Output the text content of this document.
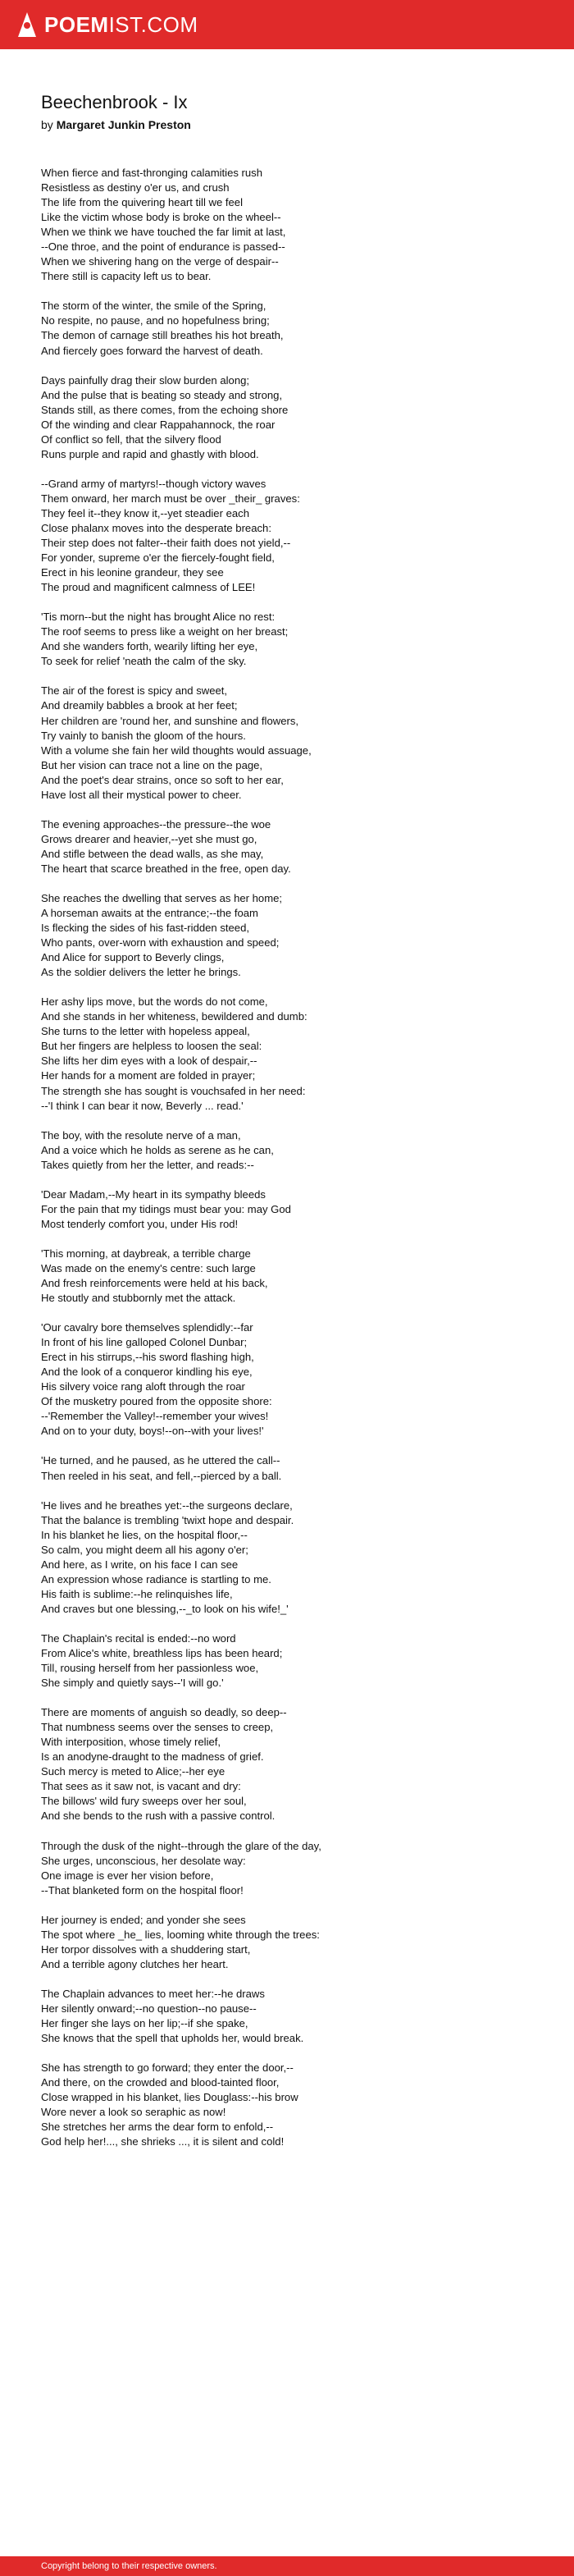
POEM IST.COM
Beechenbrook - Ix
by Margaret Junkin Preston
When fierce and fast-thronging calamities rush
Resistless as destiny o'er us, and crush
The life from the quivering heart till we feel
Like the victim whose body is broke on the wheel--
When we think we have touched the far limit at last,
--One throe, and the point of endurance is passed--
When we shivering hang on the verge of despair--
There still is capacity left us to bear.
The storm of the winter, the smile of the Spring,
No respite, no pause, and no hopefulness bring;
The demon of carnage still breathes his hot breath,
And fiercely goes forward the harvest of death.
Days painfully drag their slow burden along;
And the pulse that is beating so steady and strong,
Stands still, as there comes, from the echoing shore
Of the winding and clear Rappahannock, the roar
Of conflict so fell, that the silvery flood
Runs purple and rapid and ghastly with blood.
--Grand army of martyrs!--though victory waves
Them onward, her march must be over _their_ graves:
They feel it--they know it,--yet steadier each
Close phalanx moves into the desperate breach:
Their step does not falter--their faith does not yield,--
For yonder, supreme o'er the fiercely-fought field,
Erect in his leonine grandeur, they see
The proud and magnificent calmness of LEE!
'Tis morn--but the night has brought Alice no rest:
The roof seems to press like a weight on her breast;
And she wanders forth, wearily lifting her eye,
To seek for relief 'neath the calm of the sky.
The air of the forest is spicy and sweet,
And dreamily babbles a brook at her feet;
Her children are 'round her, and sunshine and flowers,
Try vainly to banish the gloom of the hours.
With a volume she fain her wild thoughts would assuage,
But her vision can trace not a line on the page,
And the poet's dear strains, once so soft to her ear,
Have lost all their mystical power to cheer.
The evening approaches--the pressure--the woe
Grows drearer and heavier,--yet she must go,
And stifle between the dead walls, as she may,
The heart that scarce breathed in the free, open day.
She reaches the dwelling that serves as her home;
A horseman awaits at the entrance;--the foam
Is flecking the sides of his fast-ridden steed,
Who pants, over-worn with exhaustion and speed;
And Alice for support to Beverly clings,
As the soldier delivers the letter he brings.
Her ashy lips move, but the words do not come,
And she stands in her whiteness, bewildered and dumb:
She turns to the letter with hopeless appeal,
But her fingers are helpless to loosen the seal:
She lifts her dim eyes with a look of despair,--
Her hands for a moment are folded in prayer;
The strength she has sought is vouchsafed in her need:
--'I think I can bear it now, Beverly ... read.'
The boy, with the resolute nerve of a man,
And a voice which he holds as serene as he can,
Takes quietly from her the letter, and reads:--
'Dear Madam,--My heart in its sympathy bleeds
For the pain that my tidings must bear you: may God
Most tenderly comfort you, under His rod!
'This morning, at daybreak, a terrible charge
Was made on the enemy's centre: such large
And fresh reinforcements were held at his back,
He stoutly and stubbornly met the attack.
'Our cavalry bore themselves splendidly:--far
In front of his line galloped Colonel Dunbar;
Erect in his stirrups,--his sword flashing high,
And the look of a conqueror kindling his eye,
His silvery voice rang aloft through the roar
Of the musketry poured from the opposite shore:
--'Remember the Valley!--remember your wives!
And on to your duty, boys!--on--with your lives!'
'He turned, and he paused, as he uttered the call--
Then reeled in his seat, and fell,--pierced by a ball.
'He lives and he breathes yet:--the surgeons declare,
That the balance is trembling 'twixt hope and despair.
In his blanket he lies, on the hospital floor,--
So calm, you might deem all his agony o'er;
And here, as I write, on his face I can see
An expression whose radiance is startling to me.
His faith is sublime:--he relinquishes life,
And craves but one blessing,--_to look on his wife!_'
The Chaplain's recital is ended:--no word
From Alice's white, breathless lips has been heard;
Till, rousing herself from her passionless woe,
She simply and quietly says--'I will go.'
There are moments of anguish so deadly, so deep--
That numbness seems over the senses to creep,
With interposition, whose timely relief,
Is an anodyne-draught to the madness of grief.
Such mercy is meted to Alice;--her eye
That sees as it saw not, is vacant and dry:
The billows' wild fury sweeps over her soul,
And she bends to the rush with a passive control.
Through the dusk of the night--through the glare of the day,
She urges, unconscious, her desolate way:
One image is ever her vision before,
--That blanketed form on the hospital floor!
Her journey is ended; and yonder she sees
The spot where _he_ lies, looming white through the trees:
Her torpor dissolves with a shuddering start,
And a terrible agony clutches her heart.
The Chaplain advances to meet her:--he draws
Her silently onward;--no question--no pause--
Her finger she lays on her lip;--if she spake,
She knows that the spell that upholds her, would break.
She has strength to go forward; they enter the door,--
And there, on the crowded and blood-tainted floor,
Close wrapped in his blanket, lies Douglass:--his brow
Wore never a look so seraphic as now!
She stretches her arms the dear form to enfold,--
God help her!..., she shrieks ..., it is silent and cold!
Copyright belong to their respective owners.
